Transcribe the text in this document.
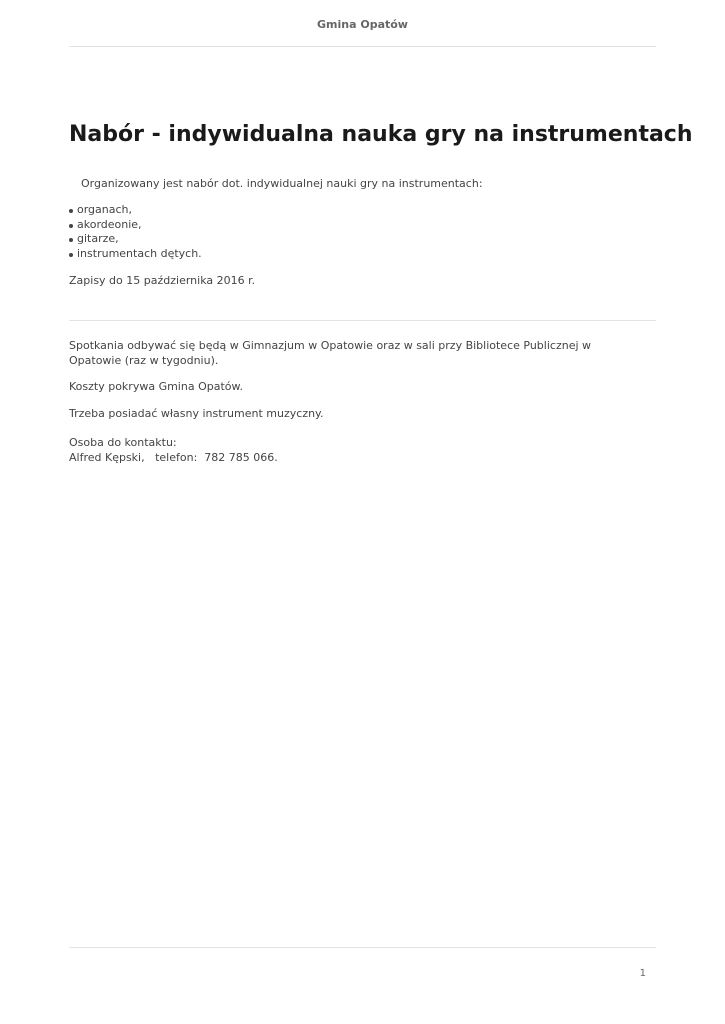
Gmina Opatów
Nabór - indywidualna nauka gry na instrumentach

Organizowany jest nabór dot. indywidualnej nauki gry na instrumentach:

organach,
akordeonie,
gitarze,
instrumentach dętych.

Zapisy do 15 października 2016 r.

Spotkania odbywać się będą w Gimnazjum w Opatowie oraz w sali przy Bibliotece Publicznej w Opatowie (raz w tygodniu).

Koszty pokrywa Gmina Opatów.

Trzeba posiadać własny instrument muzyczny.

Osoba do kontaktu:

Alfred Kępski,   telefon:  782 785 066.

1
